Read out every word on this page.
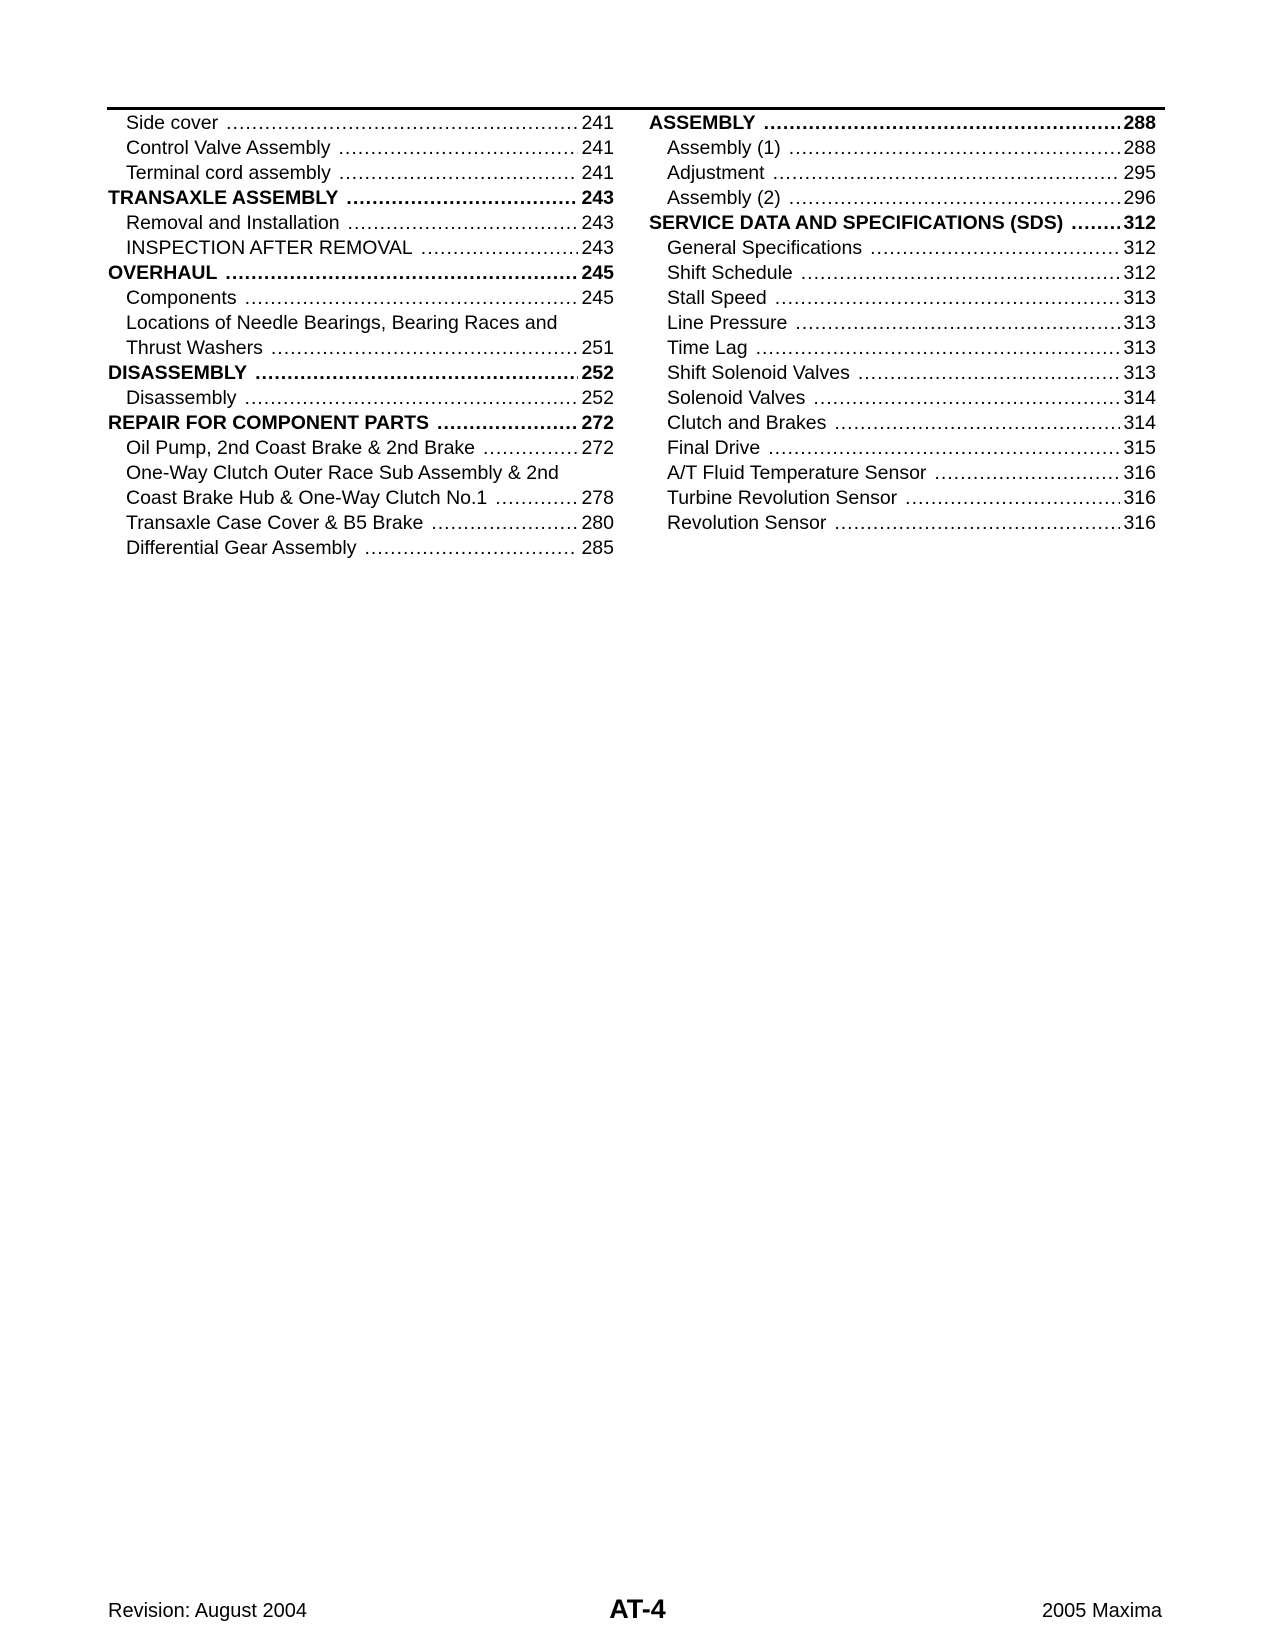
Side cover .....	241
Control Valve Assembly .....	241
Terminal cord assembly .....	241
TRANSAXLE ASSEMBLY .....	243
Removal and Installation .....	243
INSPECTION AFTER REMOVAL .....	243
OVERHAUL .....	245
Components .....	245
Locations of Needle Bearings, Bearing Races and
Thrust Washers .....	251
DISASSEMBLY .....	252
Disassembly .....	252
REPAIR FOR COMPONENT PARTS .....	272
Oil Pump, 2nd Coast Brake & 2nd Brake .....	272
One-Way Clutch Outer Race Sub Assembly & 2nd
Coast Brake Hub & One-Way Clutch No.1 .....	278
Transaxle Case Cover & B5 Brake .....	280
Differential Gear Assembly .....	285
ASSEMBLY .....	288
Assembly (1) .....	288
Adjustment .....	295
Assembly (2) .....	296
SERVICE DATA AND SPECIFICATIONS (SDS) .....	312
General Specifications .....	312
Shift Schedule .....	312
Stall Speed .....	313
Line Pressure .....	313
Time Lag .....	313
Shift Solenoid Valves .....	313
Solenoid Valves .....	314
Clutch and Brakes .....	314
Final Drive .....	315
A/T Fluid Temperature Sensor .....	316
Turbine Revolution Sensor .....	316
Revolution Sensor .....	316
Revision: August 2004	AT-4	2005 Maxima
